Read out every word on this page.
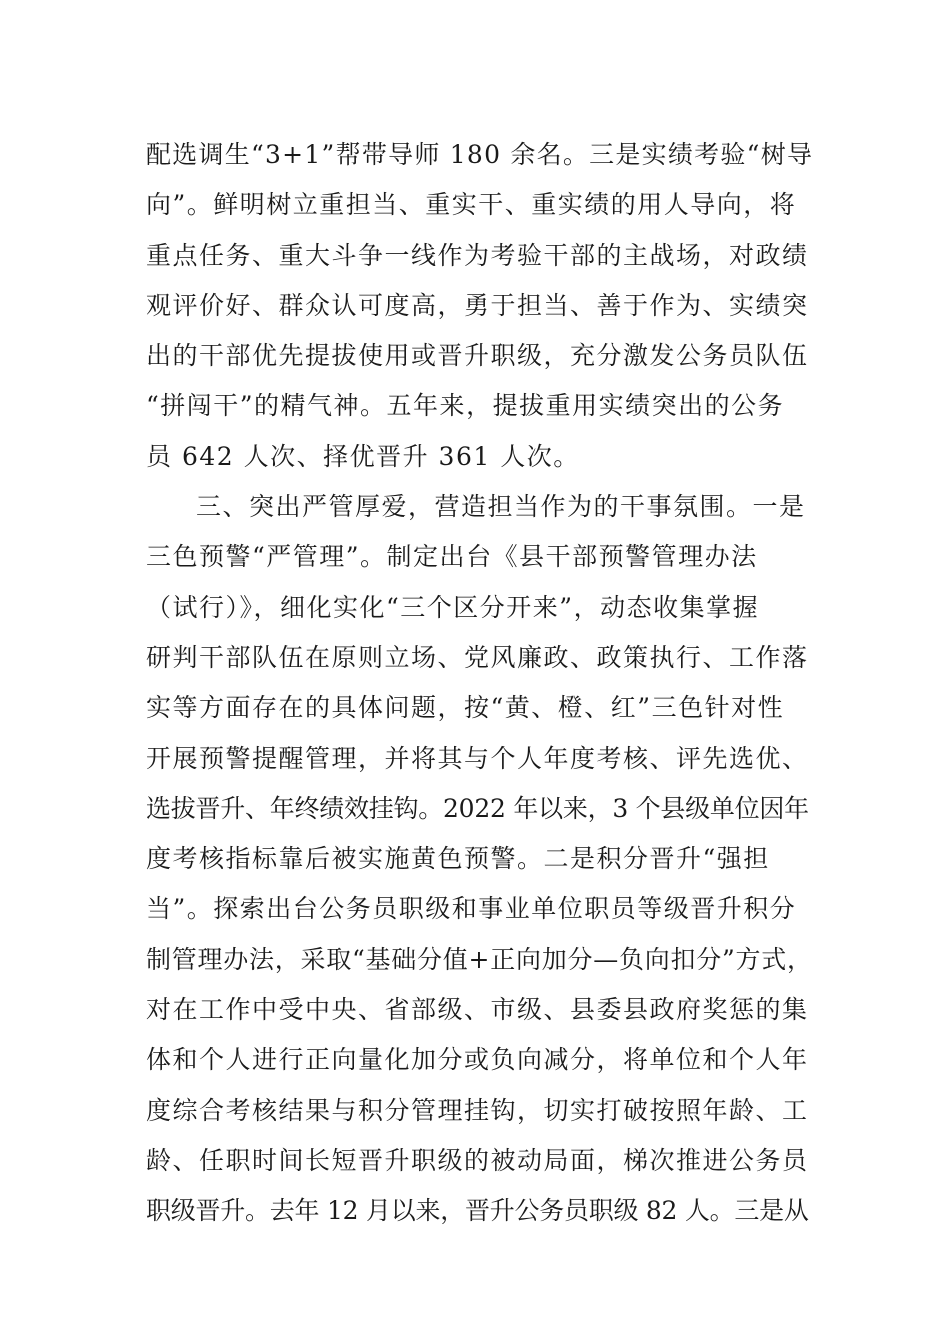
配选调生“3+1”帮带导师 180 余名。三是实绩考验“树导
向”。鲜明树立重担当、重实干、重实绩的用人导向，将
重点任务、重大斗争一线作为考验干部的主战场，对政绩
观评价好、群众认可度高，勇于担当、善于作为、实绩突
出的干部优先提拔使用或晋升职级，充分激发公务员队伍
“拼闯干”的精气神。五年来，提拔重用实绩突出的公务
员 642 人次、择优晋升 361 人次。
三、突出严管厚爱，营造担当作为的干事氛围。一是
三色预警“严管理”。制定出台《县干部预警管理办法
（试行）》，细化实化“三个区分开来”，动态收集掌握
研判干部队伍在原则立场、党风廉政、政策执行、工作落
实等方面存在的具体问题，按“黄、橙、红”三色针对性
开展预警提醒管理，并将其与个人年度考核、评先选优、
选拔晋升、年终绩效挂钩。2022 年以来，3 个县级单位因年
度考核指标靠后被实施黄色预警。二是积分晋升“强担
当”。探索出台公务员职级和事业单位职员等级晋升积分
制管理办法，采取“基础分值+正向加分—负向扣分”方式，
对在工作中受中央、省部级、市级、县委县政府奖惩的集
体和个人进行正向量化加分或负向减分，将单位和个人年
度综合考核结果与积分管理挂钩，切实打破按照年龄、工
龄、任职时间长短晋升职级的被动局面，梯次推进公务员
职级晋升。去年 12 月以来，晋升公务员职级 82 人。三是从
